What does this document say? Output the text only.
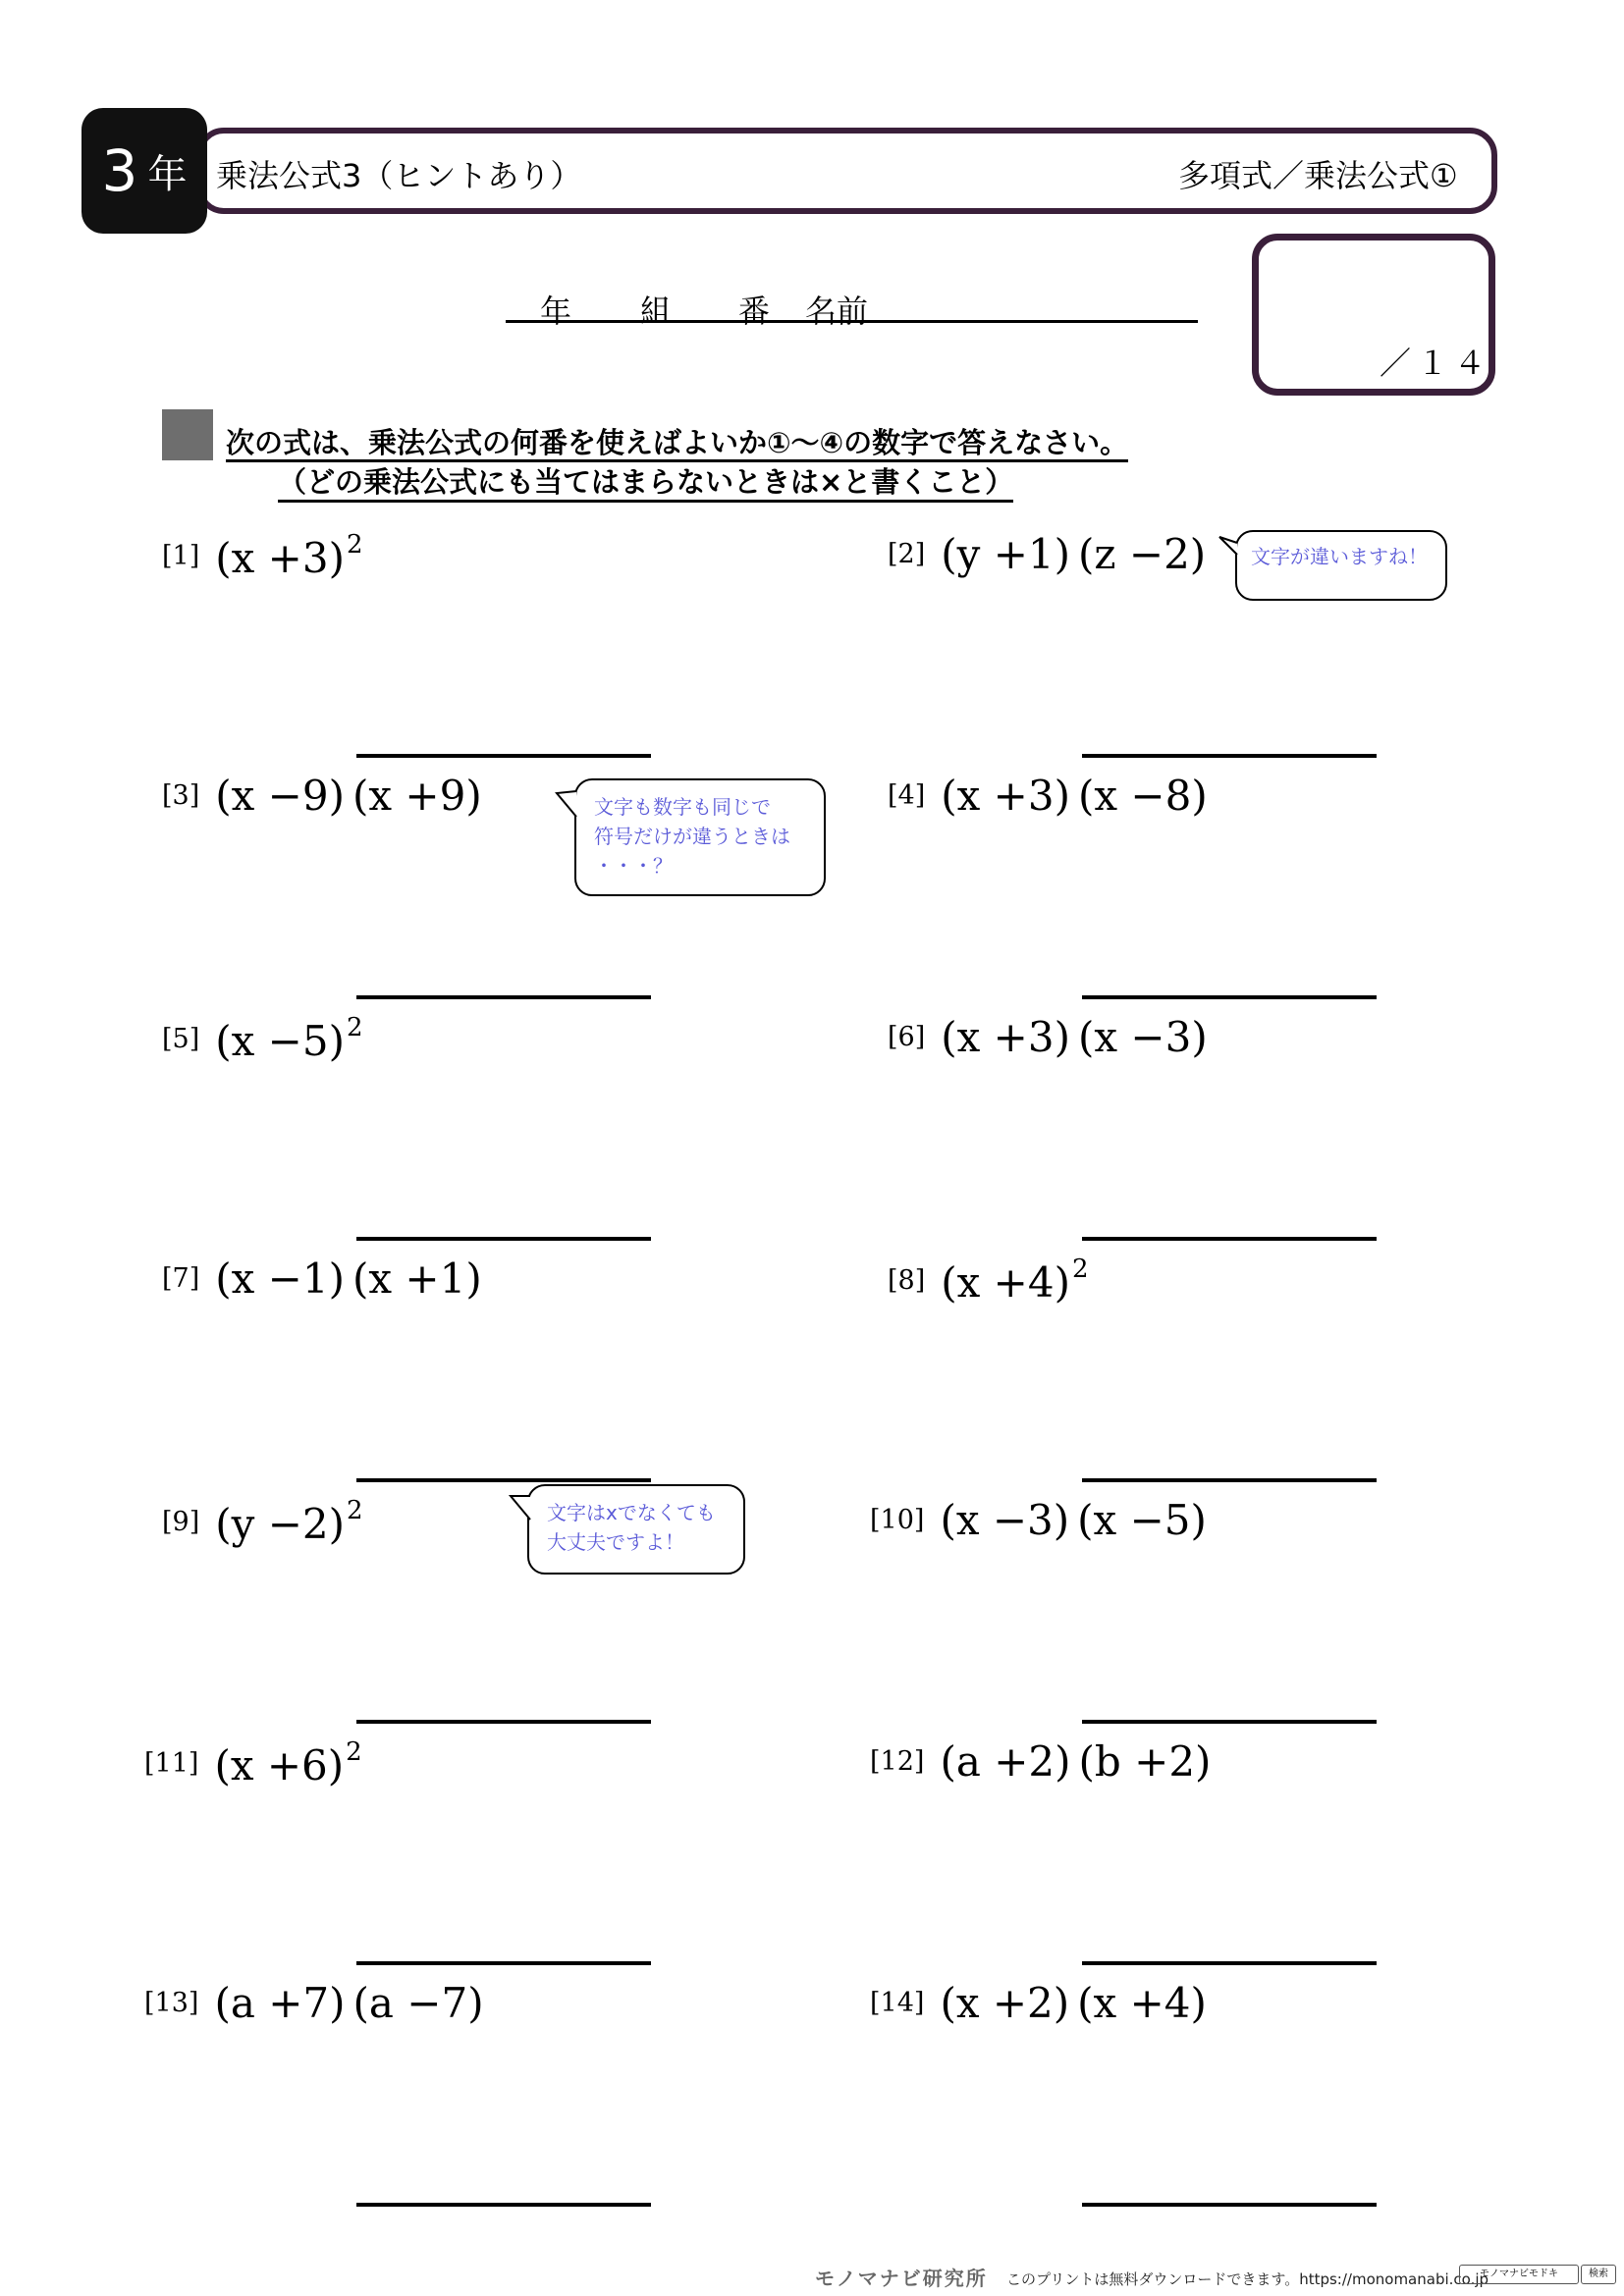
3 年 乗法公式3（ヒントあり）	多項式／乗法公式①
年 組 番 名前
／１４
次の式は、乗法公式の何番を使えばよいか①～④の数字で答えなさい。
（どの乗法公式にも当てはまらないときは×と書くこと）
[1] $(x +3)^2$	[2] (y +1) (z −2)
[3] (x −9) (x +9)	[4] (x +3) (x −8)
[5] $(x -5)^2$	[6] (x +3) (x −3)
[7] (x −1) (x +1)	[8] $(x +4)^2$
[9] $(y -2)^2$	[10] (x −3) (x −5)
[11] $(x +6)^2$	[12] (a +2) (b +2)
[13] (a +7) (a −7)	[14] (x +2) (x +4)
文字が違いますね！
文字も数字も同じで
符号だけが違うときは
・・・？
文字はxでなくても
大丈夫ですよ！
モノマナビ研究所 このプリントは無料ダウンロードできます。https://monomanabi.co.jp
モノマナビモドキ	検索
